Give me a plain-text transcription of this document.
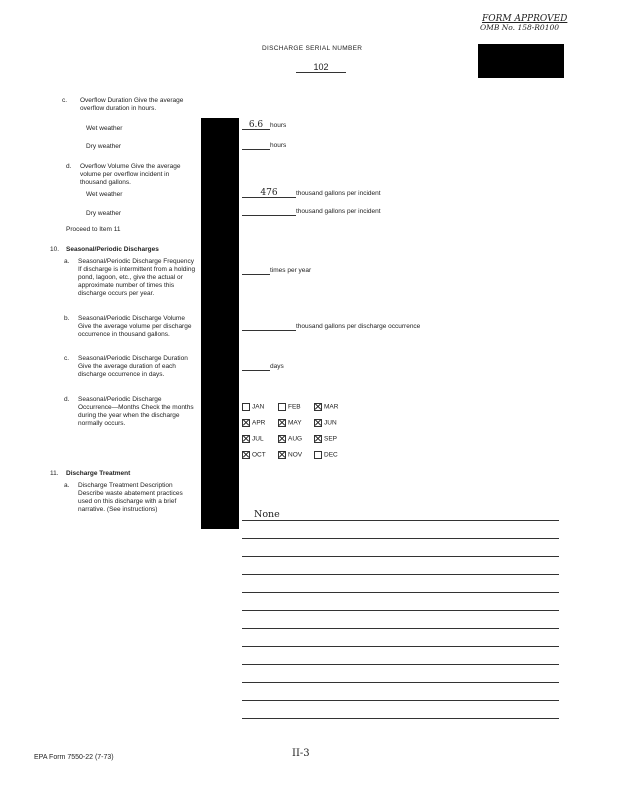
FORM APPROVED
OMB No. 158-R0100
DISCHARGE SERIAL NUMBER
102
c. Overflow Duration Give the average overflow duration in hours.
Wet weather	6.6 hours
Dry weather	hours
d. Overflow Volume Give the average volume per overflow incident in thousand gallons.
Wet weather	476	thousand gallons per incident
Dry weather	thousand gallons per incident
Proceed to Item 11
10. Seasonal/Periodic Discharges
a. Seasonal/Periodic Discharge Frequency If discharge is intermittent from a holding pond, lagoon, etc., give the actual or approximate number of times this discharge occurs per year.
times per year
b. Seasonal/Periodic Discharge Volume Give the average volume per discharge occurrence in thousand gallons.
thousand gallons per discharge occurrence
c. Seasonal/Periodic Discharge Duration Give the average duration of each discharge occurrence in days.
days
d. Seasonal/Periodic Discharge Occurrence—Months Check the months during the year when the discharge normally occurs.
JAN	FEB	MAR
APR	MAY	JUN
JUL	AUG	SEP
OCT	NOV	DEC
11. Discharge Treatment
a. Discharge Treatment Description Describe waste abatement practices used on this discharge with a brief narrative. (See instructions)	None
EPA Form 7550-22 (7-73)	II-3
